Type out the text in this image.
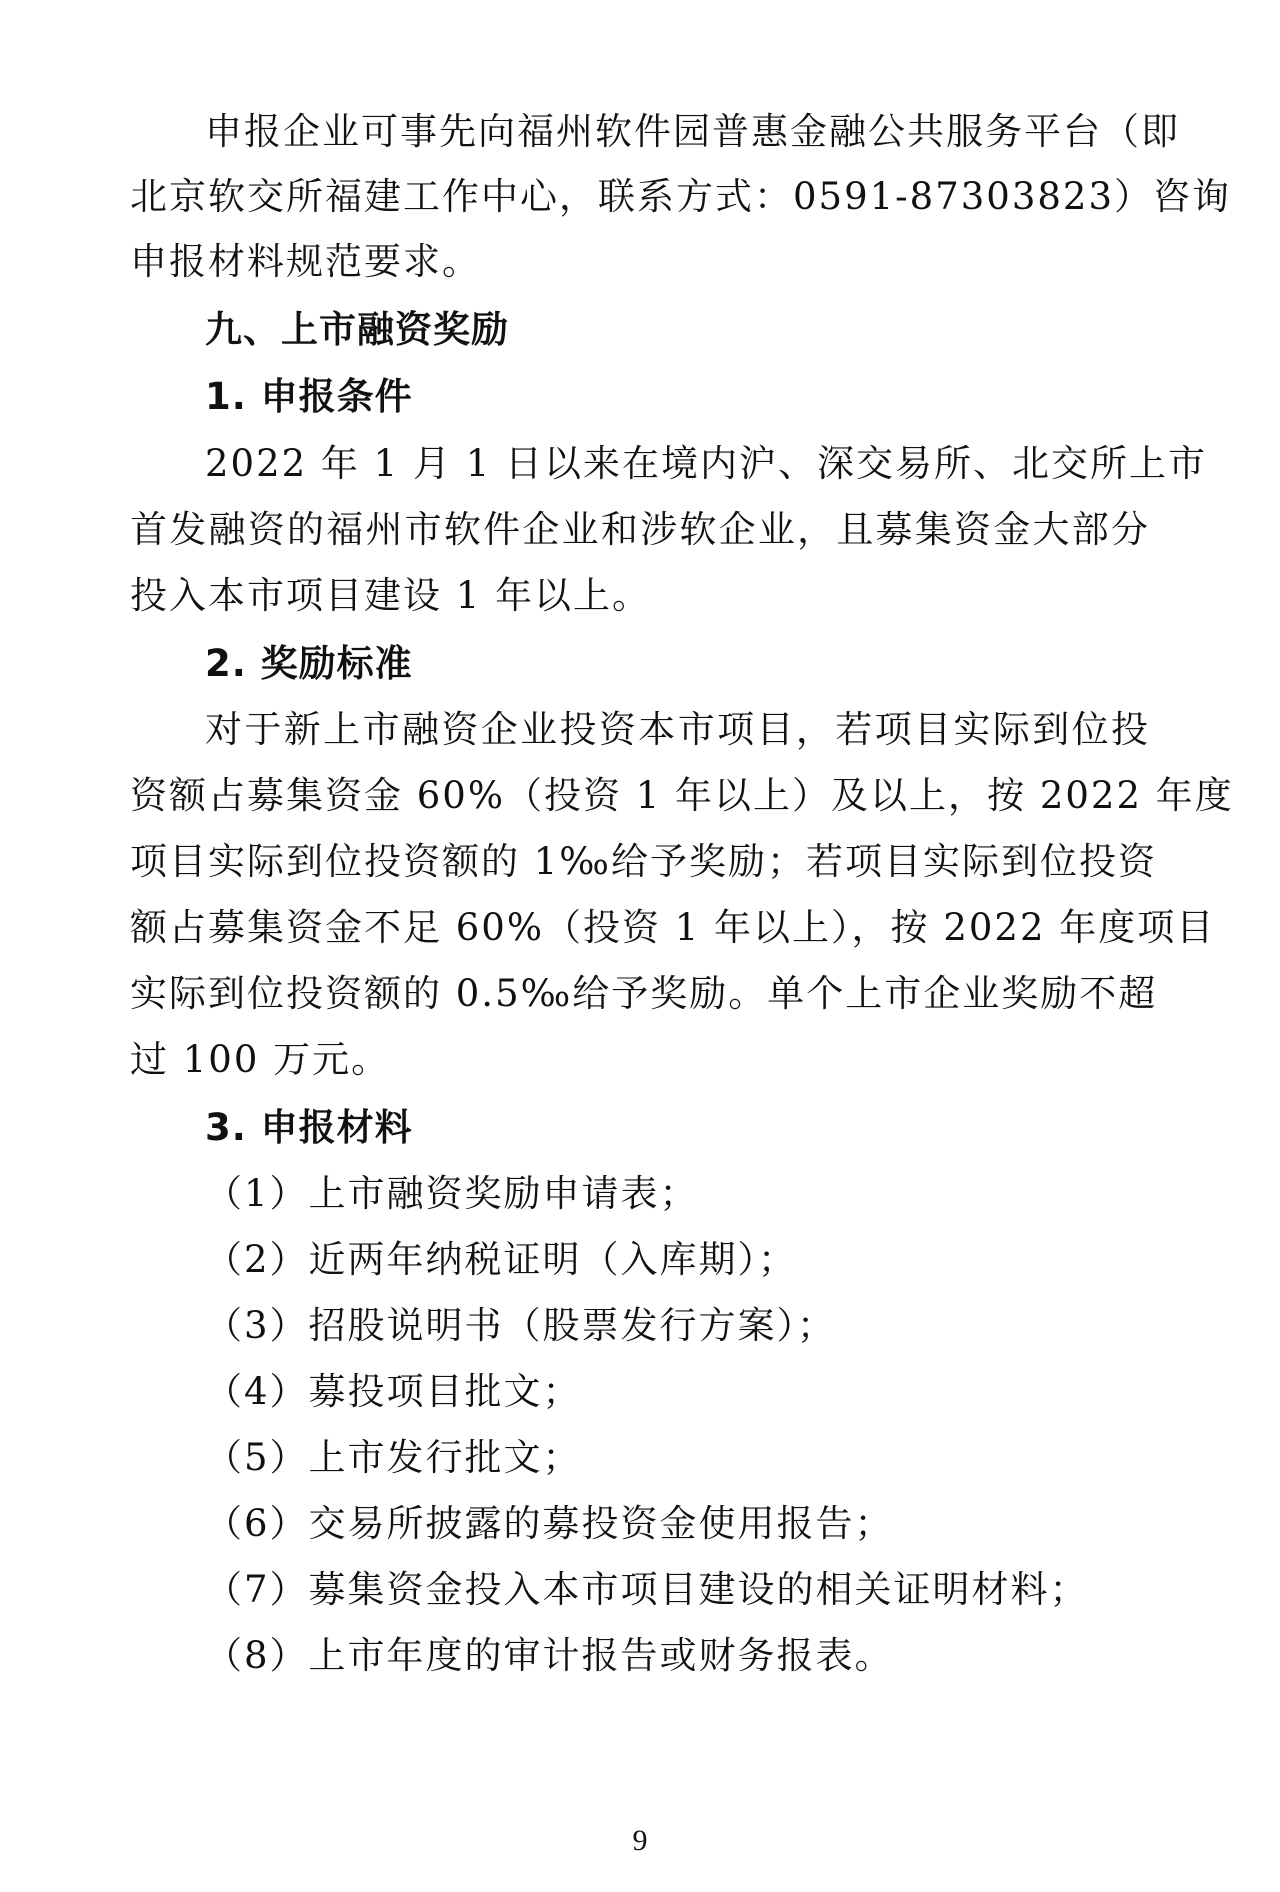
申报企业可事先向福州软件园普惠金融公共服务平台（即
北京软交所福建工作中心，联系方式：0591-87303823）咨询
申报材料规范要求。
九、上市融资奖励
1. 申报条件
2022 年 1 月 1 日以来在境内沪、深交易所、北交所上市
首发融资的福州市软件企业和涉软企业，且募集资金大部分
投入本市项目建设 1 年以上。
2. 奖励标准
对于新上市融资企业投资本市项目，若项目实际到位投
资额占募集资金 60%（投资 1 年以上）及以上，按 2022 年度
项目实际到位投资额的 1‰给予奖励；若项目实际到位投资
额占募集资金不足 60%（投资 1 年以上），按 2022 年度项目
实际到位投资额的 0.5‰给予奖励。单个上市企业奖励不超
过 100 万元。
3. 申报材料
（1）上市融资奖励申请表；
（2）近两年纳税证明（入库期）；
（3）招股说明书（股票发行方案）；
（4）募投项目批文；
（5）上市发行批文；
（6）交易所披露的募投资金使用报告；
（7）募集资金投入本市项目建设的相关证明材料；
（8）上市年度的审计报告或财务报表。
9
